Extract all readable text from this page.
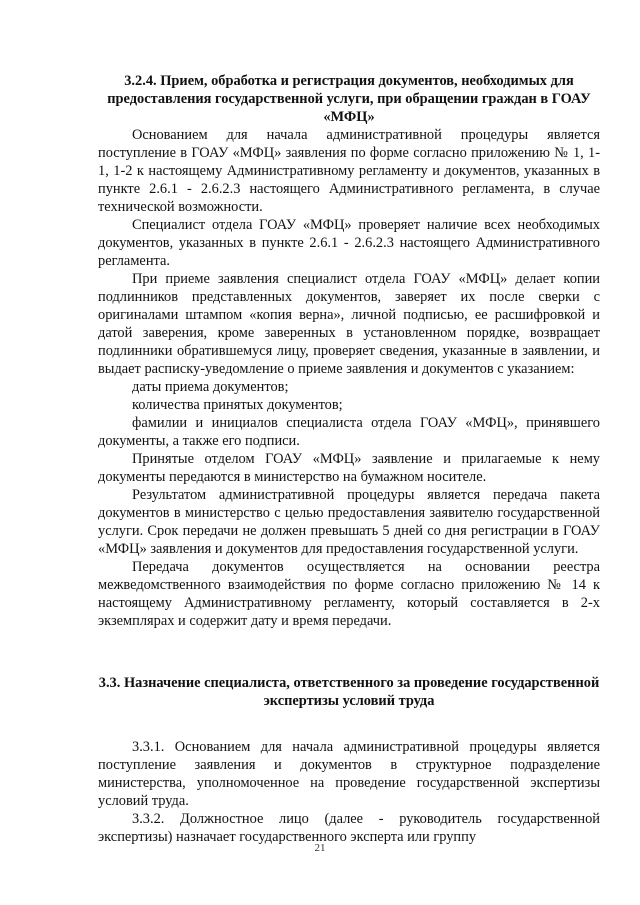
3.2.4. Прием, обработка и регистрация документов, необходимых для предоставления государственной услуги, при обращении граждан в ГОАУ «МФЦ»

Основанием для начала административной процедуры является поступление в ГОАУ «МФЦ» заявления по форме согласно приложению № 1, 1-1, 1-2 к настоящему Административному регламенту и документов, указанных в пункте 2.6.1 - 2.6.2.3 настоящего Административного регламента, в случае технической возможности.

Специалист отдела ГОАУ «МФЦ» проверяет наличие всех необходимых документов, указанных в пункте 2.6.1 - 2.6.2.3 настоящего Административного регламента.

При приеме заявления специалист отдела ГОАУ «МФЦ» делает копии подлинников представленных документов, заверяет их после сверки с оригиналами штампом «копия верна», личной подписью, ее расшифровкой и датой заверения, кроме заверенных в установленном порядке, возвращает подлинники обратившемуся лицу, проверяет сведения, указанные в заявлении, и выдает расписку-уведомление о приеме заявления и документов с указанием:

даты приема документов;

количества принятых документов;

фамилии и инициалов специалиста отдела ГОАУ «МФЦ», принявшего документы, а также его подписи.

Принятые отделом ГОАУ «МФЦ» заявление и прилагаемые к нему документы передаются в министерство на бумажном носителе.

Результатом административной процедуры является передача пакета документов в министерство с целью предоставления заявителю государственной услуги. Срок передачи не должен превышать 5 дней со дня регистрации в ГОАУ «МФЦ» заявления и документов для предоставления государственной услуги.

Передача документов осуществляется на основании реестра межведомственного взаимодействия по форме согласно приложению № 14 к настоящему Административному регламенту, который составляется в 2-х экземплярах и содержит дату и время передачи.

3.3. Назначение специалиста, ответственного за проведение государственной экспертизы условий труда

3.3.1. Основанием для начала административной процедуры является поступление заявления и документов в структурное подразделение министерства, уполномоченное на проведение государственной экспертизы условий труда.

3.3.2. Должностное лицо (далее - руководитель государственной экспертизы) назначает государственного эксперта или группу

21
